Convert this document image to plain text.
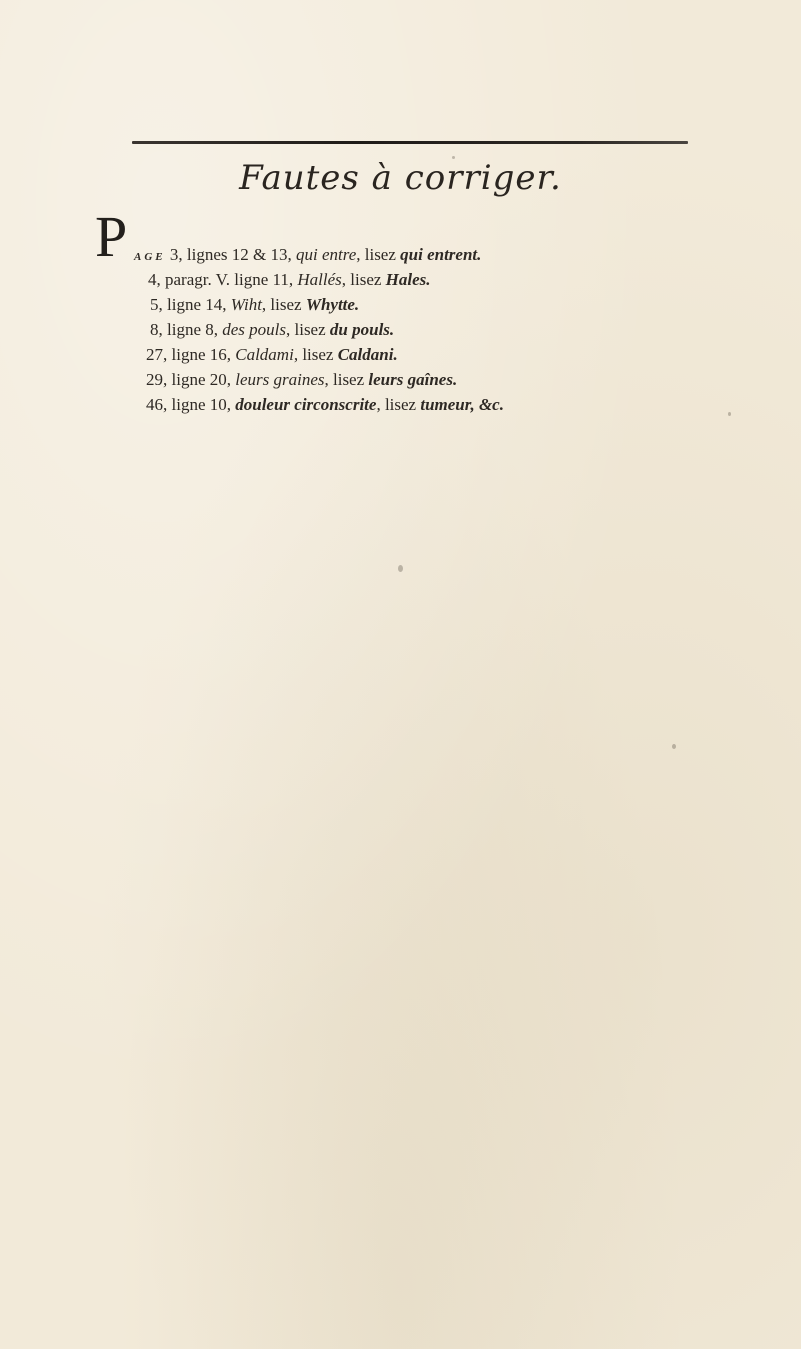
Fautes à corriger.
P AGE 3, lignes 12 & 13, qui entre, lisez qui entrent.
4, paragr. V. ligne 11, Hallés, lisez Hales.
5, ligne 14, Wiht, lisez Whytte.
8, ligne 8, des pouls, lisez du pouls.
27, ligne 16, Caldami, lisez Caldani.
29, ligne 20, leurs graines, lisez leurs gaînes.
46, ligne 10, douleur circonscrite, lisez tumeur, &c.
